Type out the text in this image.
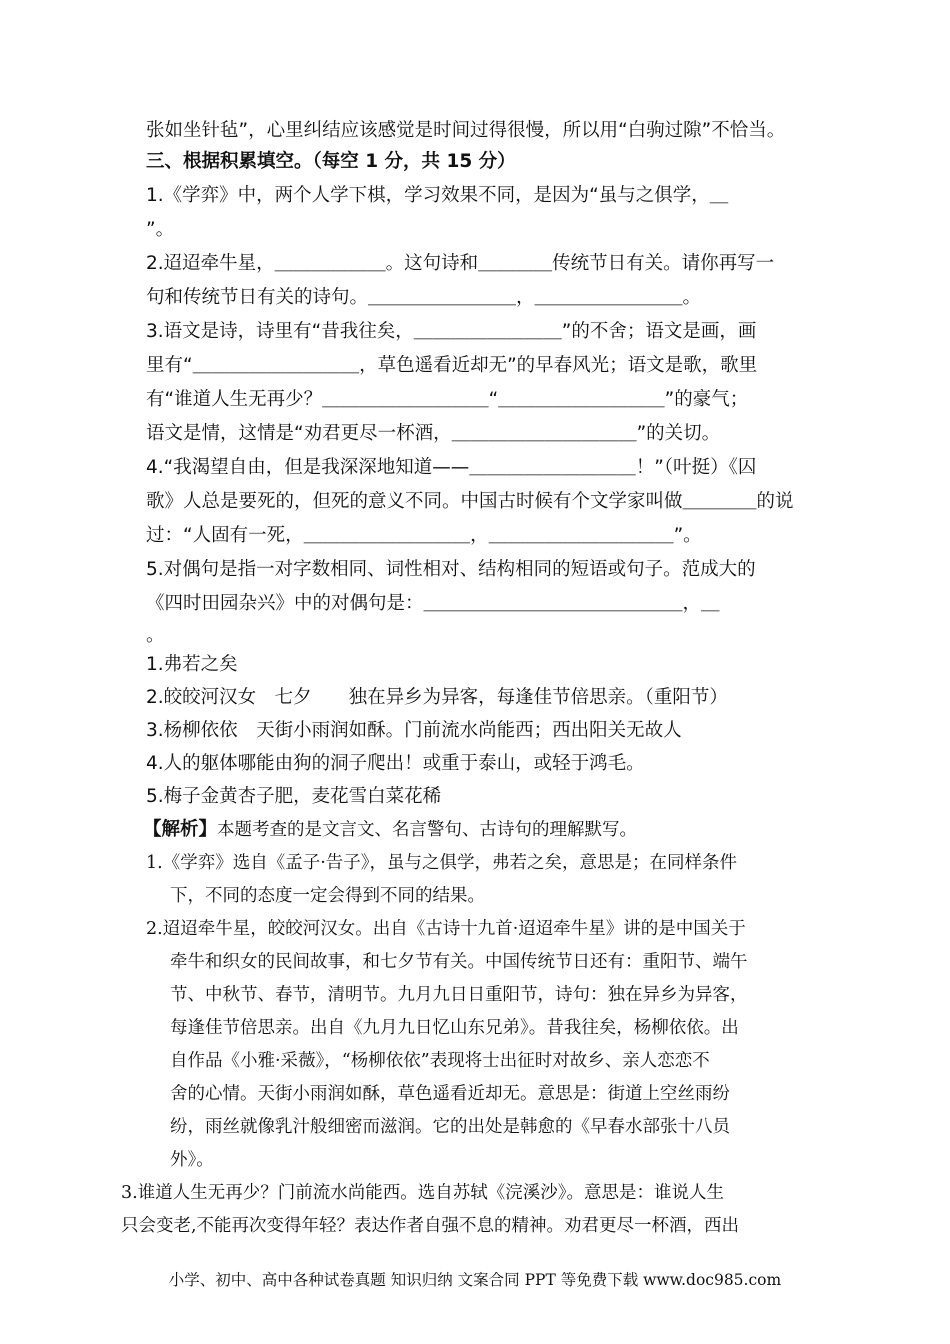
张如坐针毡”，心里纠结应该感觉是时间过得很慢，所以用“白驹过隙”不恰当。
三、根据积累填空。（每空 1 分，共 15 分）
1.《学弈》中，两个人学下棋，学习效果不同，是因为“虽与之俱学，＿
”。
2.迢迢牵牛星，＿＿＿＿＿＿。这句诗和＿＿＿＿传统节日有关。请你再写一
句和传统节日有关的诗句。＿＿＿＿＿＿＿＿，＿＿＿＿＿＿＿＿。
3.语文是诗，诗里有“昔我往矣，＿＿＿＿＿＿＿＿”的不舍；语文是画，画
里有“＿＿＿＿＿＿＿＿＿，草色遥看近却无”的早春风光；语文是歌，歌里
有“谁道人生无再少？＿＿＿＿＿＿＿＿＿“＿＿＿＿＿＿＿＿＿”的豪气；
语文是情，这情是“劝君更尽一杯酒，＿＿＿＿＿＿＿＿＿＿”的关切。
4.“我渴望自由，但是我深深地知道——＿＿＿＿＿＿＿＿＿！”（叶挺）《囚
歌》人总是要死的，但死的意义不同。中国古时候有个文学家叫做＿＿＿＿的说
过：“人固有一死，＿＿＿＿＿＿＿＿＿，＿＿＿＿＿＿＿＿＿＿”。
5.对偶句是指一对字数相同、词性相对、结构相同的短语或句子。范成大的
《四时田园杂兴》中的对偶句是：＿＿＿＿＿＿＿＿＿＿＿＿＿＿，＿
。
1.弗若之矣
2.皎皎河汉女　七夕　　独在异乡为异客，每逢佳节倍思亲。（重阳节）
3.杨柳依依　天街小雨润如酥。门前流水尚能西；西出阳关无故人
4.人的躯体哪能由狗的洞子爬出！或重于泰山，或轻于鸿毛。
5.梅子金黄杏子肥，麦花雪白菜花稀
【解析】本题考查的是文言文、名言警句、古诗句的理解默写。
1.《学弈》选自《孟子·告子》，虽与之俱学，弗若之矣，意思是；在同样条件
下，不同的态度一定会得到不同的结果。
2.迢迢牵牛星，皎皎河汉女。出自《古诗十九首·迢迢牵牛星》讲的是中国关于
牵牛和织女的民间故事，和七夕节有关。中国传统节日还有：重阳节、端午
节、中秋节、春节，清明节。九月九日日重阳节，诗句：独在异乡为异客，
每逢佳节倍思亲。出自《九月九日忆山东兄弟》。昔我往矣，杨柳依依。出
自作品《小雅·采薇》，“杨柳依依”表现将士出征时对故乡、亲人恋恋不
舍的心情。天街小雨润如酥，草色遥看近却无。意思是：街道上空丝雨纷
纷，雨丝就像乳汁般细密而滋润。它的出处是韩愈的《早春水部张十八员
外》。
3.谁道人生无再少？门前流水尚能西。选自苏轼《浣溪沙》。意思是：谁说人生
只会变老,不能再次变得年轻？表达作者自强不息的精神。劝君更尽一杯酒，西出
小学、初中、高中各种试卷真题 知识归纳 文案合同 PPT 等免费下载 www.doc985.com
